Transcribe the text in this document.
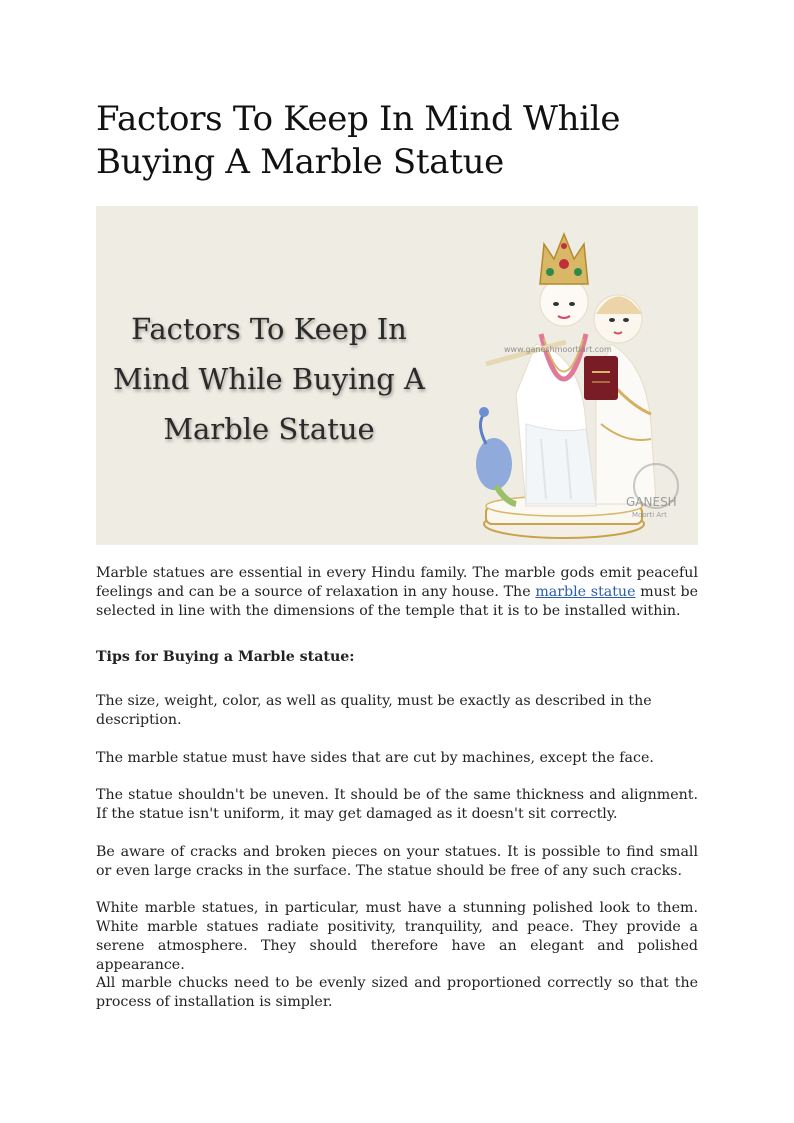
Factors To Keep In Mind While Buying A Marble Statue
Factors To Keep In
Mind While Buying A
Marble Statue
GANESH
Moorti Art
www.ganeshmoortiart.com
Marble statues are essential in every Hindu family. The marble gods emit peaceful feelings and can be a source of relaxation in any house. The marble statue must be selected in line with the dimensions of the temple that it is to be installed within.
Tips for Buying a Marble statue:
The size, weight, color, as well as quality, must be exactly as described in the description.
The marble statue must have sides that are cut by machines, except the face.
The statue shouldn't be uneven. It should be of the same thickness and alignment. If the statue isn't uniform, it may get damaged as it doesn't sit correctly.
Be aware of cracks and broken pieces on your statues. It is possible to find small or even large cracks in the surface. The statue should be free of any such cracks.
White marble statues, in particular, must have a stunning polished look to them. White marble statues radiate positivity, tranquility, and peace. They provide a serene atmosphere. They should therefore have an elegant and polished appearance.
All marble chucks need to be evenly sized and proportioned correctly so that the process of installation is simpler.
